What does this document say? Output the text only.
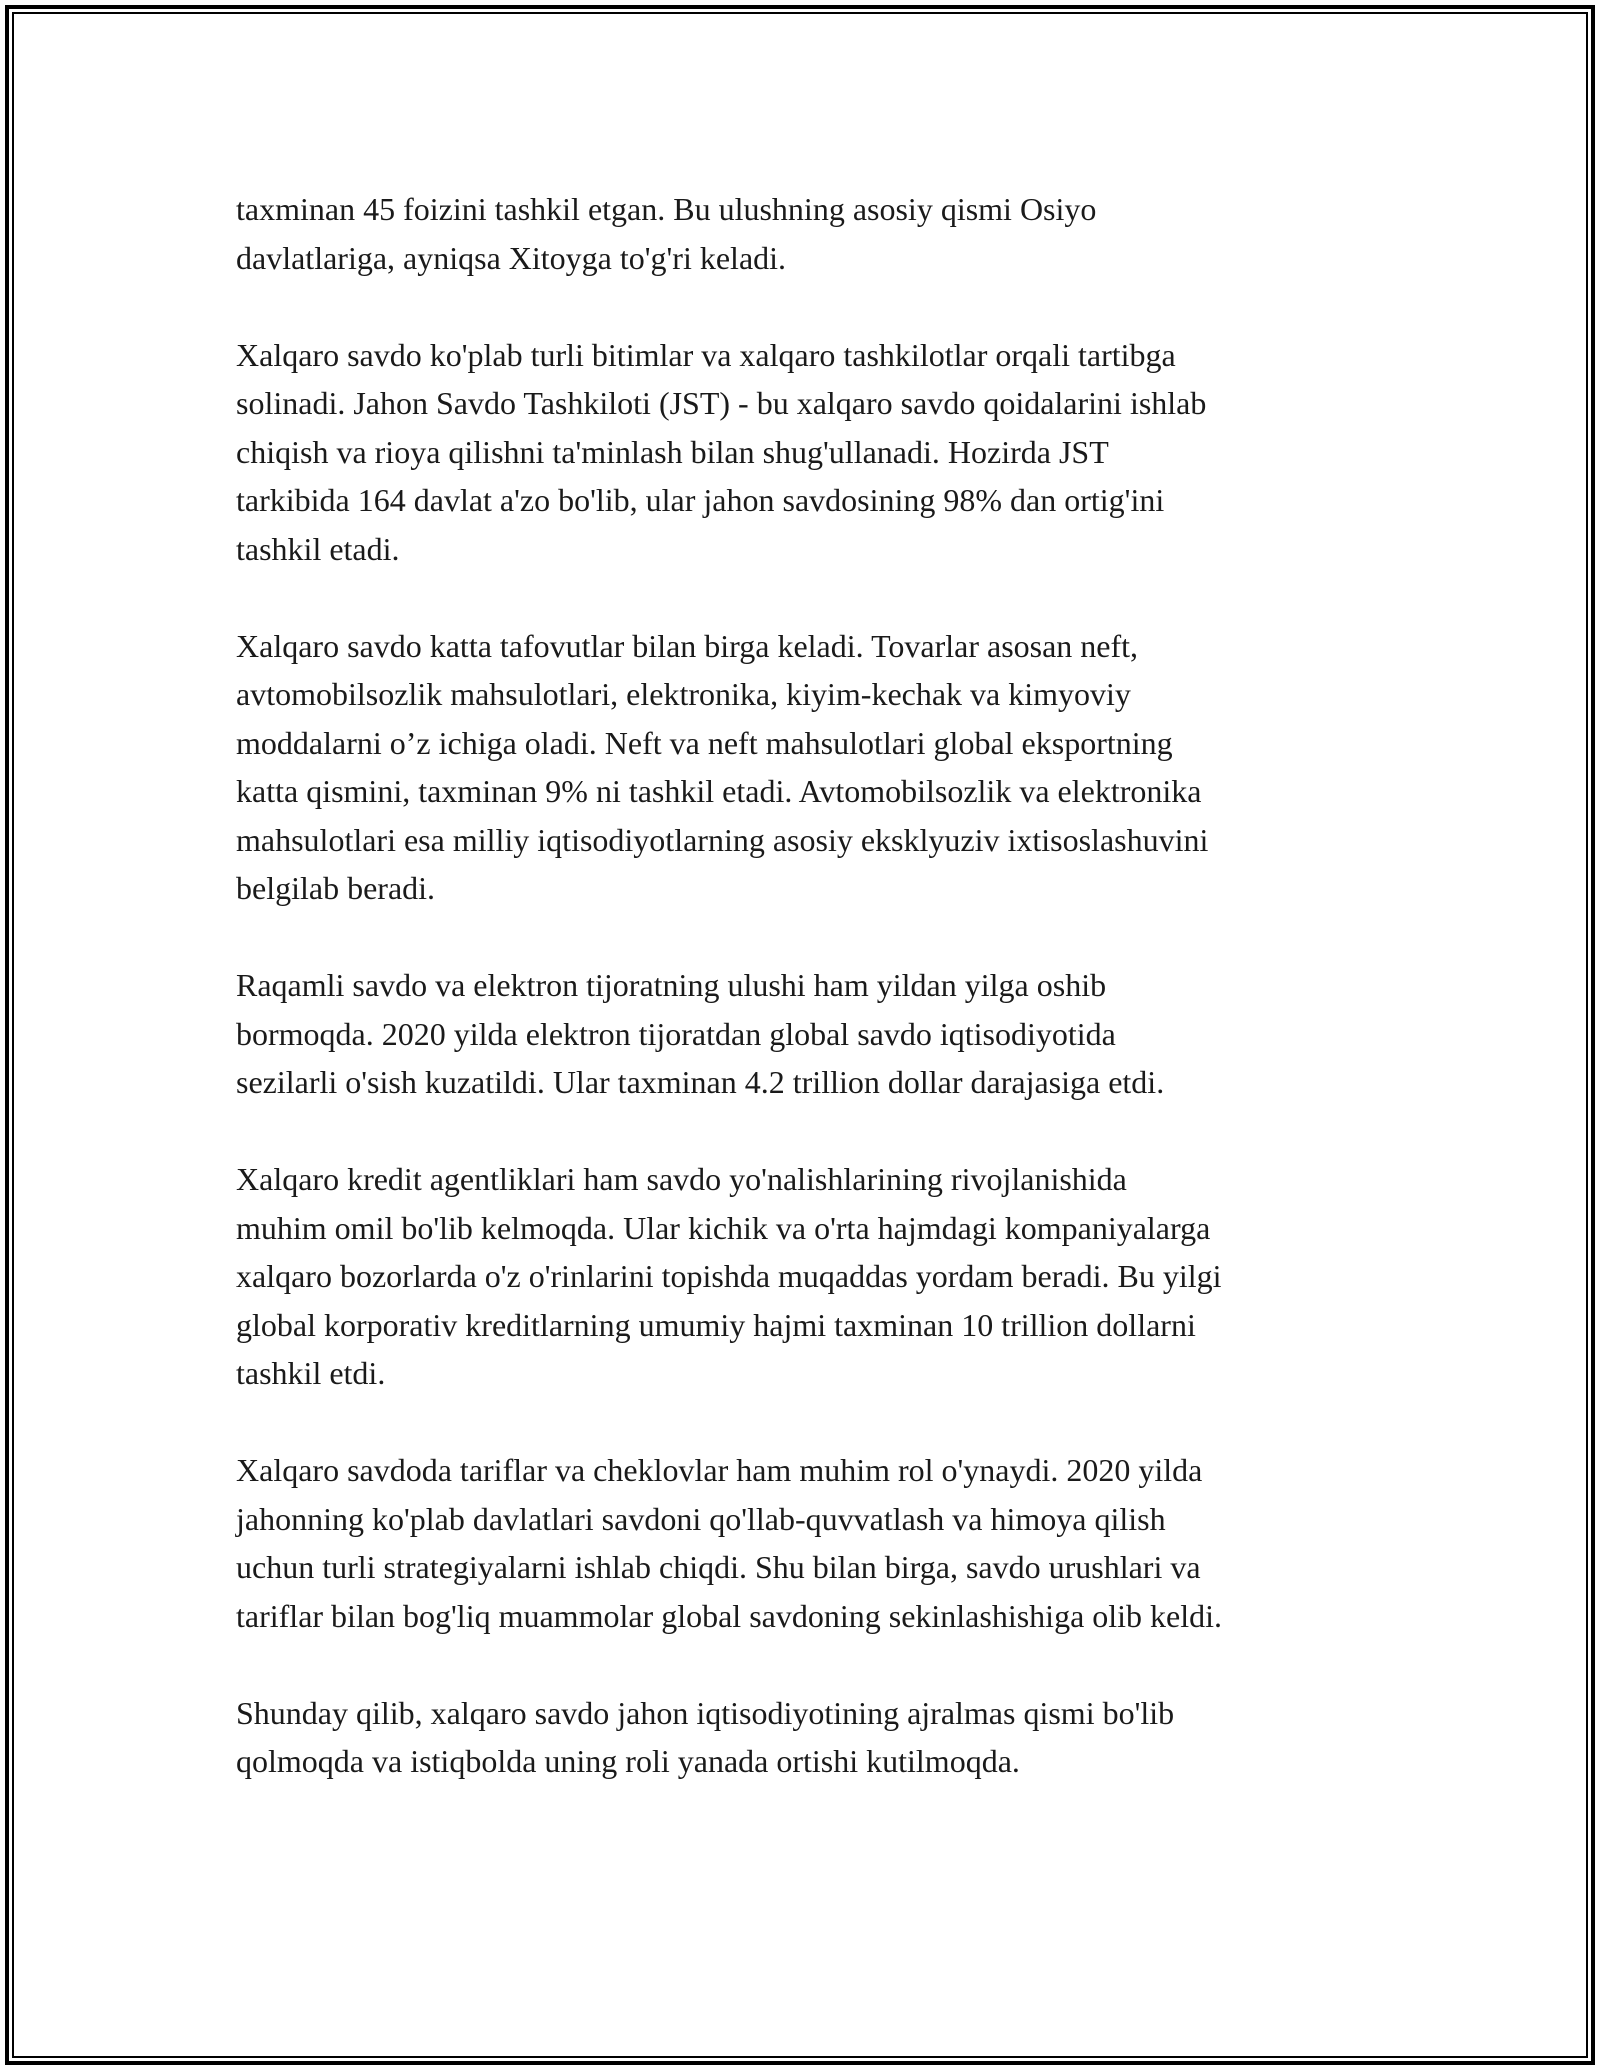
taxminan 45 foizini tashkil etgan. Bu ulushning asosiy qismi Osiyo
davlatlariga, ayniqsa Xitoyga to'g'ri keladi.

Xalqaro savdo ko'plab turli bitimlar va xalqaro tashkilotlar orqali tartibga
solinadi. Jahon Savdo Tashkiloti (JST) - bu xalqaro savdo qoidalarini ishlab
chiqish va rioya qilishni ta'minlash bilan shug'ullanadi. Hozirda JST
tarkibida 164 davlat a'zo bo'lib, ular jahon savdosining 98% dan ortig'ini
tashkil etadi.

Xalqaro savdo katta tafovutlar bilan birga keladi. Tovarlar asosan neft,
avtomobilsozlik mahsulotlari, elektronika, kiyim-kechak va kimyoviy
moddalarni o’z ichiga oladi. Neft va neft mahsulotlari global eksportning
katta qismini, taxminan 9% ni tashkil etadi. Avtomobilsozlik va elektronika
mahsulotlari esa milliy iqtisodiyotlarning asosiy eksklyuziv ixtisoslashuvini
belgilab beradi.

Raqamli savdo va elektron tijoratning ulushi ham yildan yilga oshib
bormoqda. 2020 yilda elektron tijoratdan global savdo iqtisodiyotida
sezilarli o'sish kuzatildi. Ular taxminan 4.2 trillion dollar darajasiga etdi.

Xalqaro kredit agentliklari ham savdo yo'nalishlarining rivojlanishida
muhim omil bo'lib kelmoqda. Ular kichik va o'rta hajmdagi kompaniyalarga
xalqaro bozorlarda o'z o'rinlarini topishda muqaddas yordam beradi. Bu yilgi
global korporativ kreditlarning umumiy hajmi taxminan 10 trillion dollarni
tashkil etdi.

Xalqaro savdoda tariflar va cheklovlar ham muhim rol o'ynaydi. 2020 yilda
jahonning ko'plab davlatlari savdoni qo'llab-quvvatlash va himoya qilish
uchun turli strategiyalarni ishlab chiqdi. Shu bilan birga, savdo urushlari va
tariflar bilan bog'liq muammolar global savdoning sekinlashishiga olib keldi.

Shunday qilib, xalqaro savdo jahon iqtisodiyotining ajralmas qismi bo'lib
qolmoqda va istiqbolda uning roli yanada ortishi kutilmoqda.
